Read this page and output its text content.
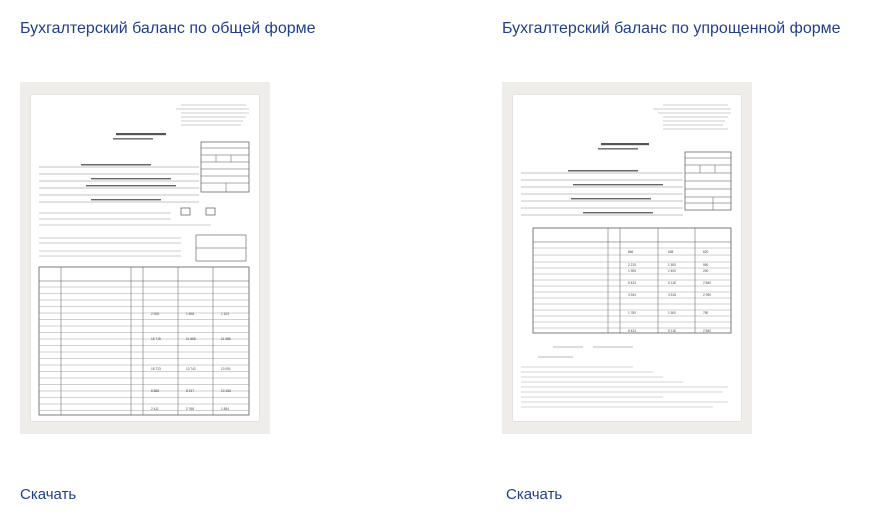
Бухгалтерский баланс по общей форме
2 008	1 608	1 103
16 715	11 858	11 988
18 723	13 742	13 091
8 858	8 197	10 158
2 411	2 768	1 894
Скачать
Бухгалтерский баланс по упрощенной форме
866	658	620
2 215	1 500	950
1 905	2 400	200
5 424	5 118	2 840
3 944	3 518	2 090
1 780	1 500	750
5 424	5 118	2 840
Скачать
